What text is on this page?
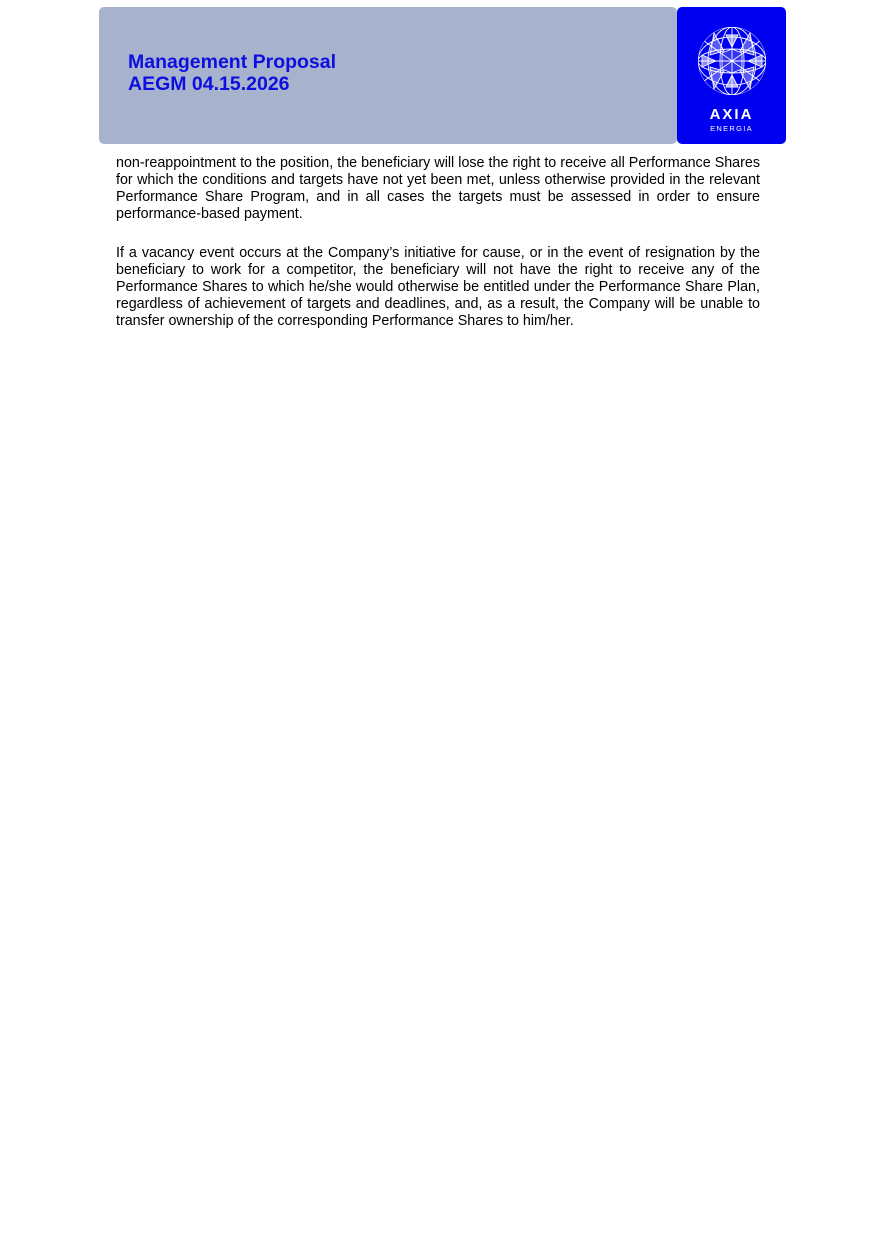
Management Proposal
AEGM 04.15.2026
AXIA
ENERGIA

non-reappointment to the position, the beneficiary will lose the right to receive all Performance Shares for which the conditions and targets have not yet been met, unless otherwise provided in the relevant Performance Share Program, and in all cases the targets must be assessed in order to ensure performance-based payment.

If a vacancy event occurs at the Company’s initiative for cause, or in the event of resignation by the beneficiary to work for a competitor, the beneficiary will not have the right to receive any of the Performance Shares to which he/she would otherwise be entitled under the Performance Share Plan, regardless of achievement of targets and deadlines, and, as a result, the Company will be unable to transfer ownership of the corresponding Performance Shares to him/her.
